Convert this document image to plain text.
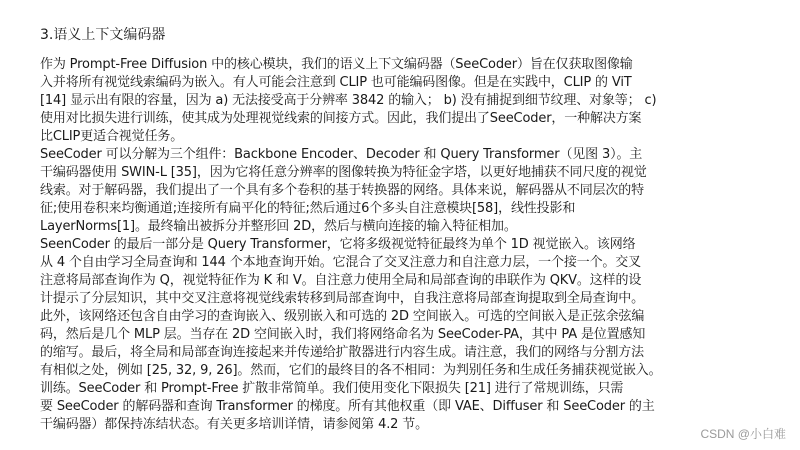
3.语义上下文编码器
作为 Prompt-Free Diffusion 中的核心模块，我们的语义上下文编码器（SeeCoder）旨在仅获取图像输
入并将所有视觉线索编码为嵌入。有人可能会注意到 CLIP 也可能编码图像。但是在实践中，CLIP 的 ViT
[14] 显示出有限的容量，因为 a) 无法接受高于分辨率 3842 的输入； b) 没有捕捉到细节纹理、对象等； c)
使用对比损失进行训练，使其成为处理视觉线索的间接方式。因此，我们提出了SeeCoder，一种解决方案
比CLIP更适合视觉任务。
SeeCoder 可以分解为三个组件：Backbone Encoder、Decoder 和 Query Transformer（见图 3）。主
干编码器使用 SWIN-L [35]，因为它将任意分辨率的图像转换为特征金字塔，以更好地捕获不同尺度的视觉
线索。对于解码器，我们提出了一个具有多个卷积的基于转换器的网络。具体来说，解码器从不同层次的特
征;使用卷积来均衡通道;连接所有扁平化的特征;然后通过6个多头自注意模块[58]，线性投影和
LayerNorms[1]。最终输出被拆分并整形回 2D，然后与横向连接的输入特征相加。
SeenCoder 的最后一部分是 Query Transformer，它将多级视觉特征最终为单个 1D 视觉嵌入。该网络
从 4 个自由学习全局查询和 144 个本地查询开始。它混合了交叉注意力和自注意力层，一个接一个。交叉
注意将局部查询作为 Q，视觉特征作为 K 和 V。自注意力使用全局和局部查询的串联作为 QKV。这样的设
计提示了分层知识，其中交叉注意将视觉线索转移到局部查询中，自我注意将局部查询提取到全局查询中。
此外，该网络还包含自由学习的查询嵌入、级别嵌入和可选的 2D 空间嵌入。可选的空间嵌入是正弦余弦编
码，然后是几个 MLP 层。当存在 2D 空间嵌入时，我们将网络命名为 SeeCoder-PA，其中 PA 是位置感知
的缩写。最后，将全局和局部查询连接起来并传递给扩散器进行内容生成。请注意，我们的网络与分割方法
有相似之处，例如 [25, 32, 9, 26]。然而，它们的最终目的各不相同：为判别任务和生成任务捕获视觉嵌入。
训练。SeeCoder 和 Prompt-Free 扩散非常简单。我们使用变化下限损失 [21] 进行了常规训练，只需
要 SeeCoder 的解码器和查询 Transformer 的梯度。所有其他权重（即 VAE、Diffuser 和 SeeCoder 的主
干编码器）都保持冻结状态。有关更多培训详情，请参阅第 4.2 节。
CSDN @小白难
